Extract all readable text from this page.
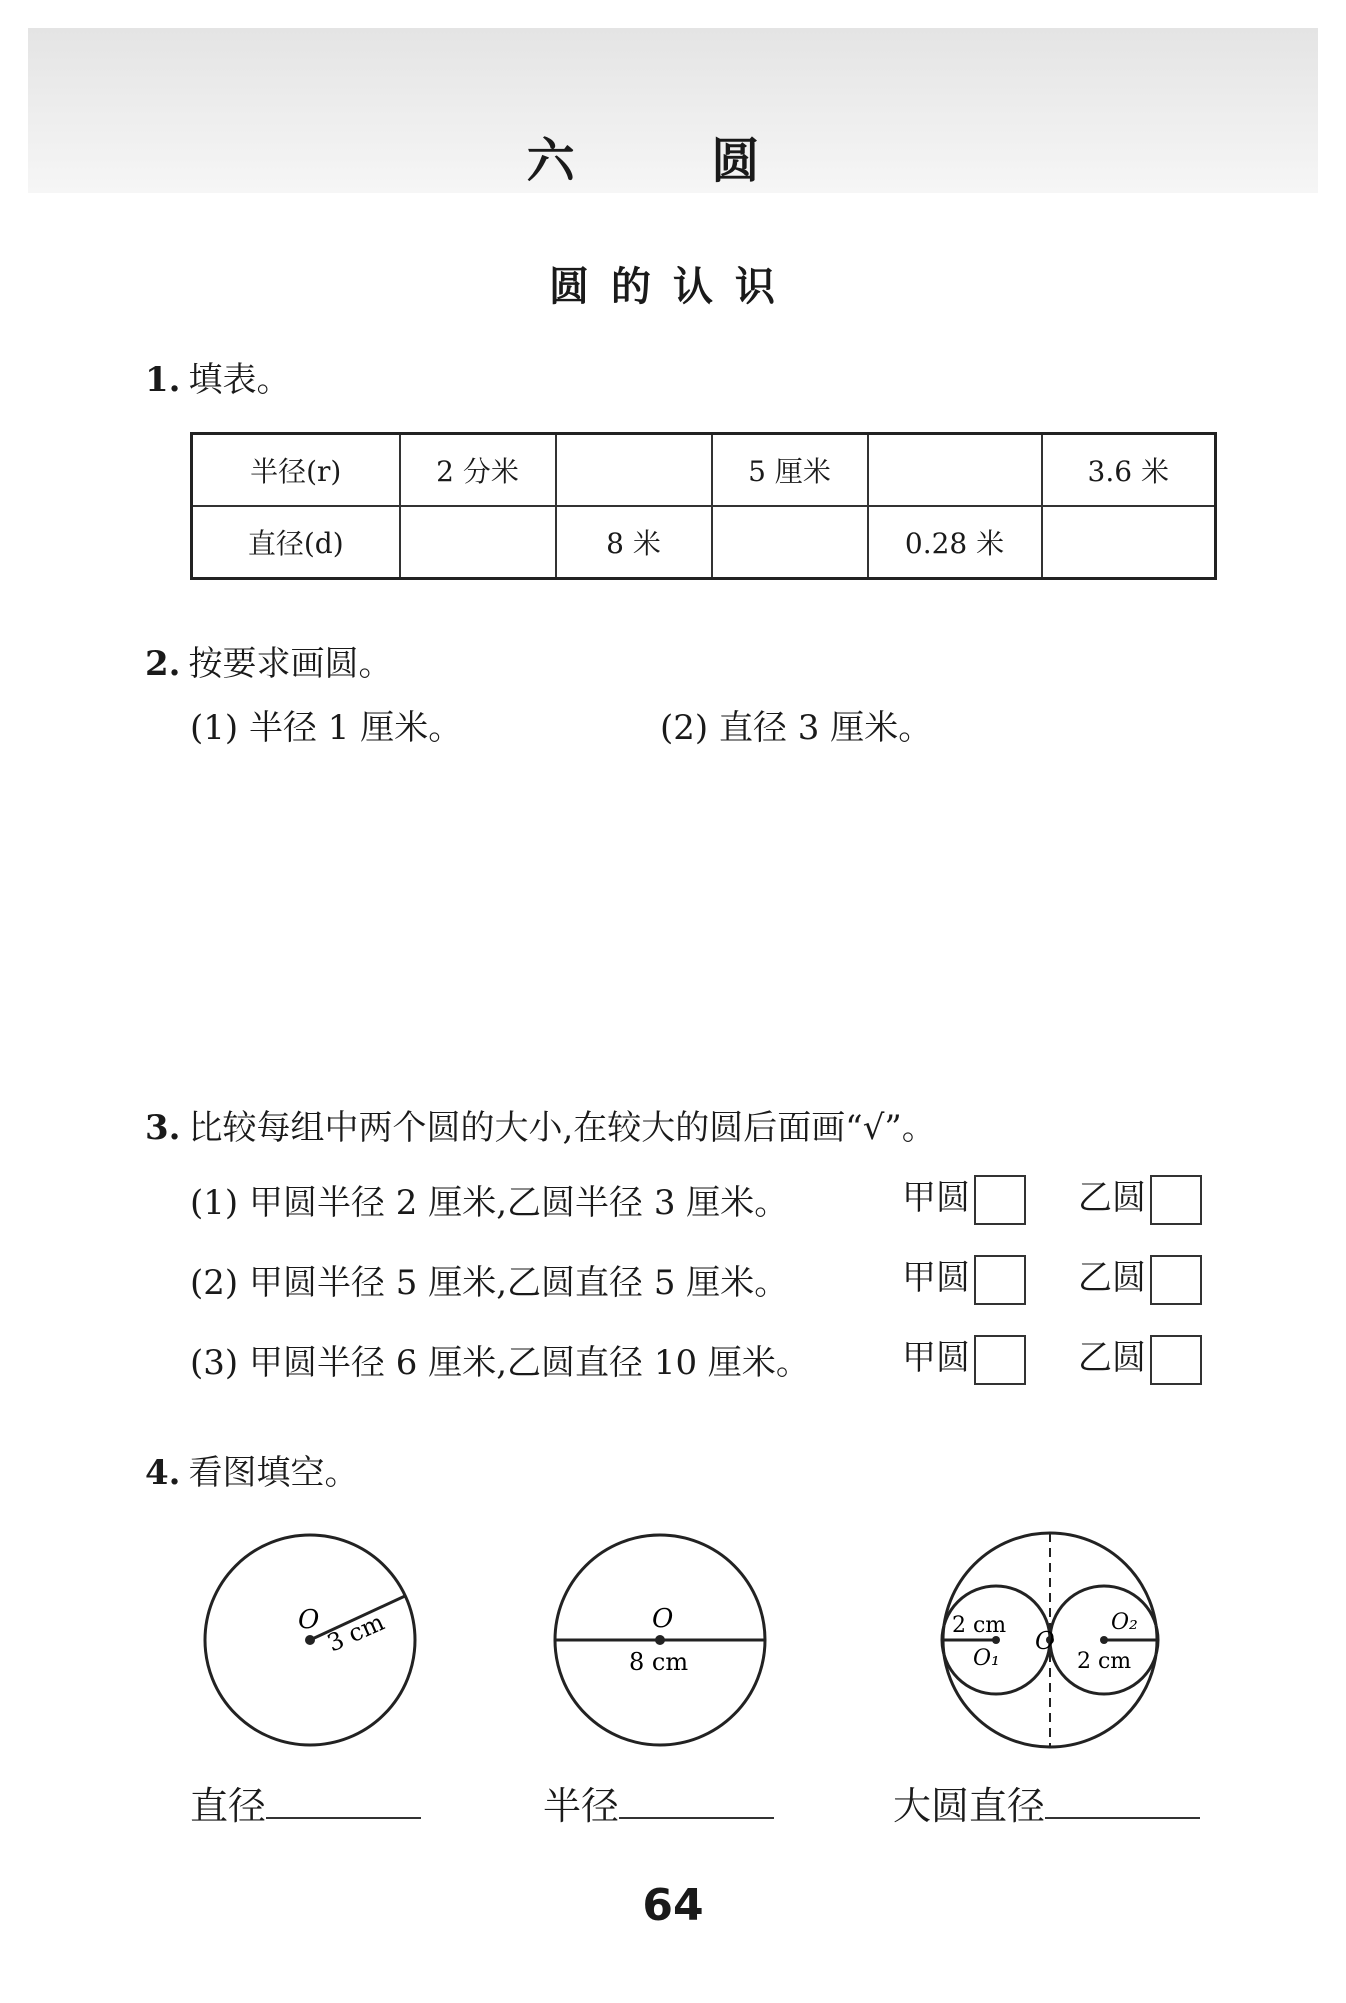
六 圆
圆的认识
1. 填表。
半径(r)	2 分米		5 厘米		3.6 米
直径(d)		8 米		0.28 米	
2. 按要求画圆。
(1) 半径 1 厘米。	(2) 直径 3 厘米。
3. 比较每组中两个圆的大小,在较大的圆后面画“√”。
(1) 甲圆半径 2 厘米,乙圆半径 3 厘米。	甲圆	乙圆
(2) 甲圆半径 5 厘米,乙圆直径 5 厘米。	甲圆	乙圆
(3) 甲圆半径 6 厘米,乙圆直径 10 厘米。	甲圆	乙圆
4. 看图填空。
O 3 cm	O
8 cm
2 cm
O₁
O
O₂
2 cm
直径	半径	大圆直径
64
